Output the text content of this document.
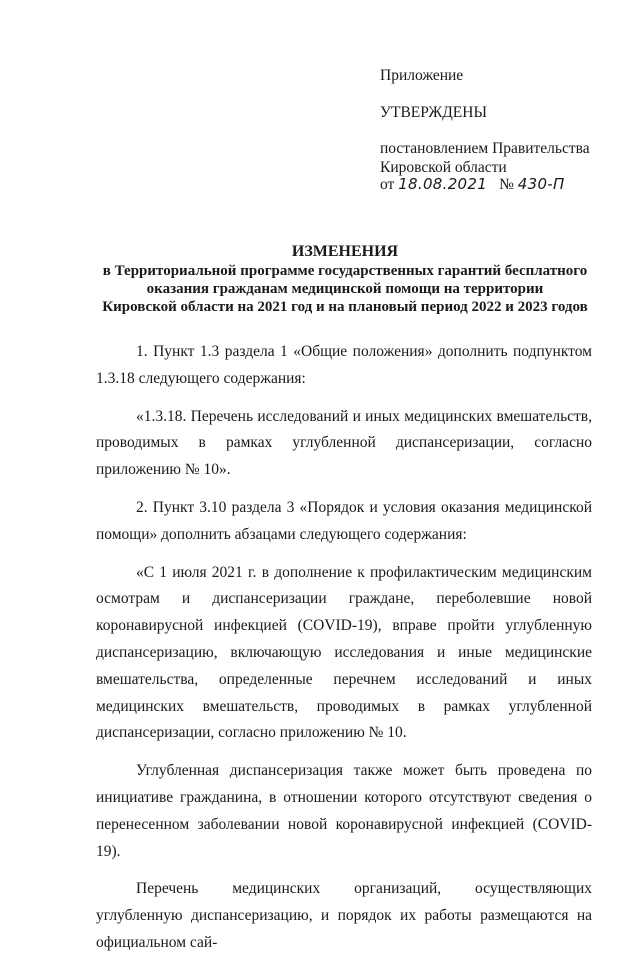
Приложение
УТВЕРЖДЕНЫ
постановлением Правительства
Кировской области
от 18.08.2021 № 430-П
ИЗМЕНЕНИЯ
в Территориальной программе государственных гарантий бесплатного
оказания гражданам медицинской помощи на территории
Кировской области на 2021 год и на плановый период 2022 и 2023 годов

1. Пункт 1.3 раздела 1 «Общие положения» дополнить подпунктом 1.3.18 следующего содержания:

«1.3.18. Перечень исследований и иных медицинских вмешательств, проводимых в рамках углубленной диспансеризации, согласно приложению № 10».

2. Пункт 3.10 раздела 3 «Порядок и условия оказания медицинской помощи» дополнить абзацами следующего содержания:

«С 1 июля 2021 г. в дополнение к профилактическим медицинским осмотрам и диспансеризации граждане, переболевшие новой коронавирусной инфекцией (COVID-19), вправе пройти углубленную диспансеризацию, включающую исследования и иные медицинские вмешательства, определенные перечнем исследований и иных медицинских вмешательств, проводимых в рамках углубленной диспансеризации, согласно приложению № 10.

Углубленная диспансеризация также может быть проведена по инициативе гражданина, в отношении которого отсутствуют сведения о перенесенном заболевании новой коронавирусной инфекцией (COVID-19).

Перечень медицинских организаций, осуществляющих углубленную диспансеризацию, и порядок их работы размещаются на официальном сай-
